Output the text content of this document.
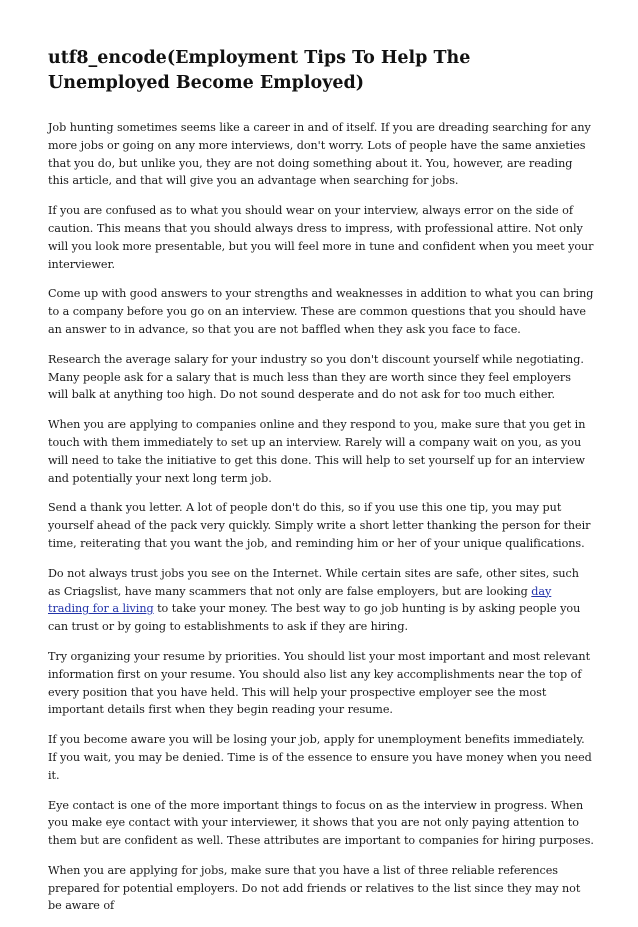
utf8_encode(Employment Tips To Help The Unemployed Become Employed)

Job hunting sometimes seems like a career in and of itself. If you are dreading searching for any more jobs or going on any more interviews, don't worry. Lots of people have the same anxieties that you do, but unlike you, they are not doing something about it. You, however, are reading this article, and that will give you an advantage when searching for jobs.

If you are confused as to what you should wear on your interview, always error on the side of caution. This means that you should always dress to impress, with professional attire. Not only will you look more presentable, but you will feel more in tune and confident when you meet your interviewer.

Come up with good answers to your strengths and weaknesses in addition to what you can bring to a company before you go on an interview. These are common questions that you should have an answer to in advance, so that you are not baffled when they ask you face to face.

Research the average salary for your industry so you don't discount yourself while negotiating. Many people ask for a salary that is much less than they are worth since they feel employers will balk at anything too high. Do not sound desperate and do not ask for too much either.

When you are applying to companies online and they respond to you, make sure that you get in touch with them immediately to set up an interview. Rarely will a company wait on you, as you will need to take the initiative to get this done. This will help to set yourself up for an interview and potentially your next long term job.

Send a thank you letter. A lot of people don't do this, so if you use this one tip, you may put yourself ahead of the pack very quickly. Simply write a short letter thanking the person for their time, reiterating that you want the job, and reminding him or her of your unique qualifications.

Do not always trust jobs you see on the Internet. While certain sites are safe, other sites, such as Criagslist, have many scammers that not only are false employers, but are looking day trading for a living to take your money. The best way to go job hunting is by asking people you can trust or by going to establishments to ask if they are hiring.

Try organizing your resume by priorities. You should list your most important and most relevant information first on your resume. You should also list any key accomplishments near the top of every position that you have held. This will help your prospective employer see the most important details first when they begin reading your resume.

If you become aware you will be losing your job, apply for unemployment benefits immediately. If you wait, you may be denied. Time is of the essence to ensure you have money when you need it.

Eye contact is one of the more important things to focus on as the interview in progress. When you make eye contact with your interviewer, it shows that you are not only paying attention to them but are confident as well. These attributes are important to companies for hiring purposes.

When you are applying for jobs, make sure that you have a list of three reliable references prepared for potential employers. Do not add friends or relatives to the list since they may not be aware of
